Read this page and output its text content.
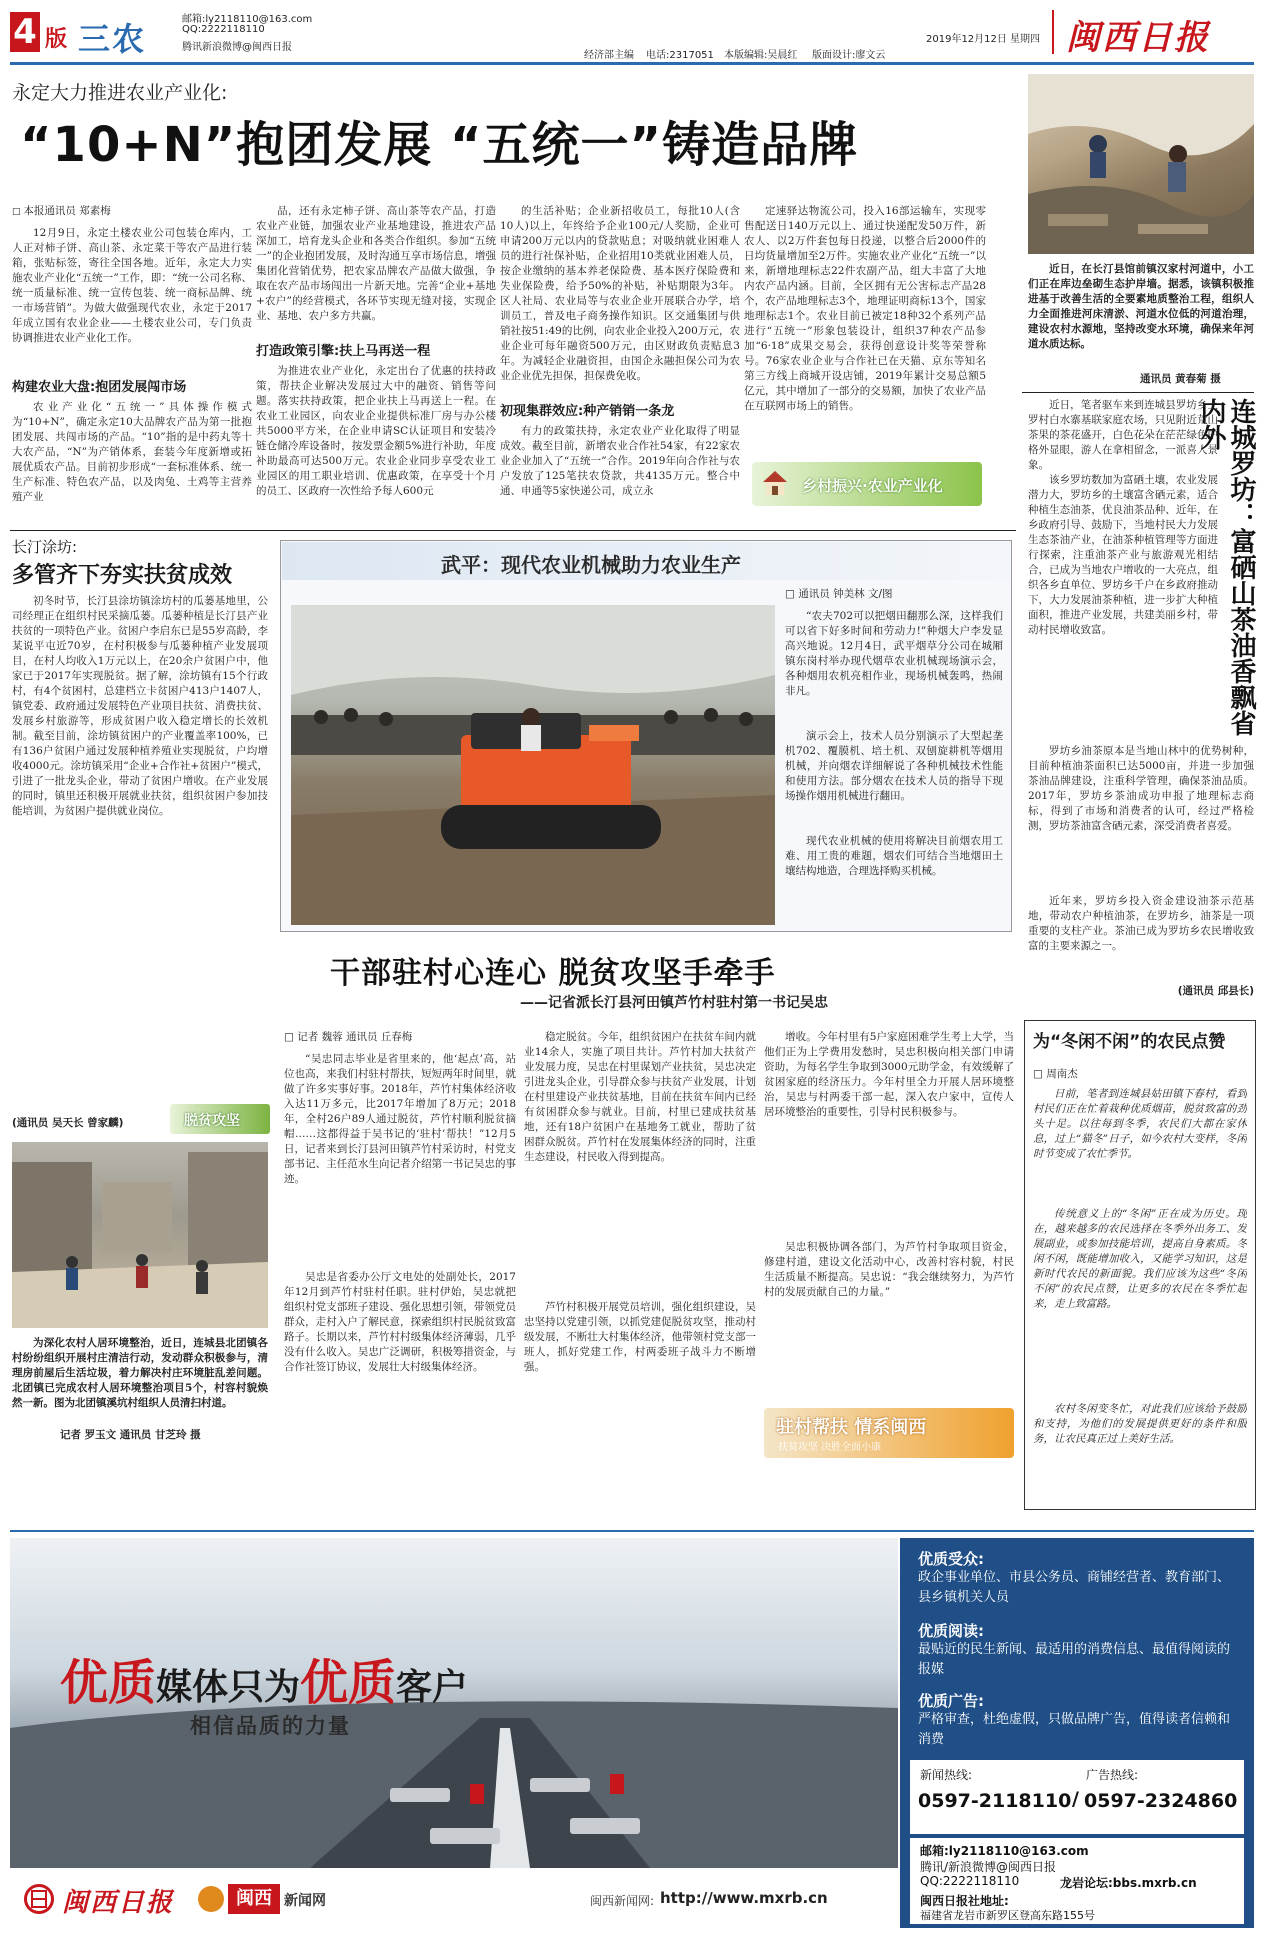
4 版 三农
邮箱:ly2118110@163.com
QQ:2222118110
腾讯新浪微博@闽西日报
经济部主编 电话:2317051 本版编辑:吴晨红 版面设计:廖文云
2019年12月12日 星期四 闽西日报
永定大力推进农业产业化:
“10+N”抱团发展 “五统一”铸造品牌
□ 本报通讯员 郑素梅
12月9日，永定土楼农业公司包装仓库内，工人正对柿子饼、高山茶、永定菜干等农产品进行装箱，张贴标签，寄往全国各地。近年，永定大力实施农业产业化“五统一”工作，即：“统一公司名称、统一质量标准、统一宣传包装、统一商标品牌、统一市场营销”。为做大做强现代农业，永定于2017年成立国有农业企业——土楼农业公司，专门负责协调推进农业产业化工作。
构建农业大盘:抱团发展闯市场
农业产业化“五统一”具体操作模式为“10+N”，确定永定10大品牌农产品为第一批抱团发展、共闯市场的产品。“10”指的是中药丸等十大农产品，“N”为产销体系，套装今年度新增或拓展优质农产品。目前初步形成“一套标准体系、统一生产标准、特色农产品，以及肉兔、土鸡等主营养殖产业
品，还有永定柿子饼、高山茶等农产品，打造农业产业链，加强农业产业基地建设，推进农产品深加工，培育龙头企业和各类合作组织。参加“五统一”的企业抱团发展，及时沟通互享市场信息，增强集团化营销优势，把农家品牌农产品做大做强，争取在农产品市场闯出一片新天地。完善“企业+基地+农户”的经营模式，各环节实现无缝对接，实现企业、基地、农户多方共赢。
打造政策引擎:扶上马再送一程
为推进农业产业化，永定出台了优惠的扶持政策，帮扶企业解决发展过大中的融资、销售等问题。落实扶持政策，把企业扶上马再送上一程。在农业工业园区，向农业企业提供标准厂房与办公楼共5000平方米，在企业申请SC认证项目和安装冷链仓储冷库设备时，按发票金额5%进行补助，年度补助最高可达500万元。农业企业同步享受农业工业园区的用工职业培训、优惠政策，在享受十个月的员工、区政府一次性给予每人600元
的生活补贴；企业新招收员工，每批10人(含10人)以上，年终给予企业100元/人奖励，企业可申请200万元以内的贷款贴息；对吸纳就业困难人员的进行社保补贴，企业招用10类就业困难人员，按企业缴纳的基本养老保险费、基本医疗保险费和失业保险费，给予50%的补贴，补贴期限为3年。区人社局、农业局等与农业企业开展联合办学，培训员工，普及电子商务操作知识。区交通集团与供销社按51:49的比例，向农业企业投入200万元，农业企业可每年融资500万元，由区财政负责贴息3年。为减轻企业融资担，由国企永融担保公司为农业企业优先担保，担保费免收。
初现集群效应:种产销销一条龙
有力的政策扶持，永定农业产业化取得了明显成效。截至目前，新增农业合作社54家，有22家农业企业加入了“五统一”合作。2019年向合作社与农户发放了125笔扶农贷款，共4135万元。整合中通、申通等5家快递公司，成立永
定速驿达物流公司，投入16部运输车，实现零售配送日140万元以上、通过快递配发50万件，新农人、以2万件套包每日投递，以整合后2000件的日均货量增加至2万件。实施农业产业化“五统一”以来，新增地理标志22件农副产品，组大丰富了大地内农产品内涵。目前，全区拥有无公害标志产品28个，农产品地理标志3个，地理证明商标13个，国家地理标志1个。农业目前已被定18种32个系列产品进行“五统一”形象包装设计，组织37种农产品参加“6·18”成果交易会，获得创意设计奖等荣誉称号。76家农业企业与合作社已在天猫、京东等知名第三方线上商城开设店铺，2019年累计交易总额5亿元，其中增加了一部分的交易额，加快了农业产品在互联网市场上的销售。
乡村振兴·农业产业化
近日，在长汀县馆前镇汉家村河道中，小工们正在库边垒砌生态护岸墙。据悉，该镇积极推进基于改善生活的全要素地质整治工程，组织人力全面推进河床清淤、河道水位低的河道治理，建设农村水源地，坚持改变水环境，确保来年河道水质达标。
通讯员 黄春菊 摄
连城罗坊：富硒山茶油香飘省内外
近日，笔者驱车来到连城县罗坊乡上罗村白水寨基联家庭农场，只见附近荒山茶果的茶花盛开，白色花朵在茫茫绿色中格外显眼，游人在拿相留念，一派喜人景象。
该乡罗坊数加为富硒土壤，农业发展潜力大，罗坊乡的土壤富含硒元素，适合种植生态油茶，优良油茶品种、近年，在乡政府引导、鼓励下，当地村民大力发展生态茶油产业，在油茶种植管理等方面进行探索，注重油茶产业与旅游观光相结合，已成为当地农户增收的一大亮点，组织各乡直单位、罗坊乡千户在乡政府推动下，大力发展油茶种植，进一步扩大种植面积，推进产业发展，共建美丽乡村，带动村民增收致富。
罗坊乡油茶原本是当地山林中的优势树种，目前种植油茶面积已达5000亩，并进一步加强茶油品牌建设，注重科学管理，确保茶油品质。2017年，罗坊乡茶油成功申报了地理标志商标，得到了市场和消费者的认可，经过严格检测，罗坊茶油富含硒元素，深受消费者喜爱。
近年来，罗坊乡投入资金建设油茶示范基地，带动农户种植油茶，在罗坊乡，油茶是一项重要的支柱产业。茶油已成为罗坊乡农民增收致富的主要来源之一。
(通讯员 邱县长)
为“冬闲不闲”的农民点赞
□ 周南杰
日前，笔者到连城县姑田镇下春村，看到村民们正在忙着栽种优质烟苗，脱贫致富的劲头十足。以往每到冬季，农民们大都在家休息，过上“猫冬”日子，如今农村大变样，冬闲时节变成了农忙季节。
传统意义上的“冬闲”正在成为历史。现在，越来越多的农民选择在冬季外出务工、发展副业，或参加技能培训，提高自身素质。冬闲不闲，既能增加收入，又能学习知识，这是新时代农民的新面貌。我们应该为这些“冬闲不闲”的农民点赞，让更多的农民在冬季忙起来，走上致富路。
农村冬闲变冬忙，对此我们应该给予鼓励和支持，为他们的发展提供更好的条件和服务，让农民真正过上美好生活。
长汀涂坊:
多管齐下夯实扶贫成效
初冬时节，长汀县涂坊镇涂坊村的瓜蒌基地里，公司经理正在组织村民采摘瓜蒌。瓜蒌种植是长汀县产业扶贫的一项特色产业。贫困户李启东已是55岁高龄，李某说平屯近70岁，在村积极参与瓜蒌种植产业发展项目，在村人均收入1万元以上，在20余户贫困户中，他家已于2017年实现脱贫。据了解，涂坊镇有15个行政村，有4个贫困村，总建档立卡贫困户413户1407人，镇党委、政府通过发展特色产业项目扶贫、消费扶贫、发展乡村旅游等，形成贫困户收入稳定增长的长效机制。截至目前，涂坊镇贫困户的产业覆盖率100%，已有136户贫困户通过发展种植养殖业实现脱贫，户均增收4000元。涂坊镇采用“企业+合作社+贫困户”模式，引进了一批龙头企业，带动了贫困户增收。在产业发展的同时，镇里还积极开展就业扶贫，组织贫困户参加技能培训，为贫困户提供就业岗位。
(通讯员 吴天长 曾家麟)	脱贫攻坚
为深化农村人居环境整治，近日，连城县北团镇各村纷纷组织开展村庄清洁行动，发动群众积极参与，清理房前屋后生活垃圾，着力解决村庄环境脏乱差问题。北团镇已完成农村人居环境整治项目5个，村容村貌焕然一新。图为北团镇溪坑村组织人员清扫村道。
记者 罗玉文 通讯员 甘芝玲 摄
武平：现代农业机械助力农业生产
□ 通讯员 钟美林 文/图
“农夫702可以把烟田翻那么深，这样我们可以省下好多时间和劳动力!”种烟大户李发显高兴地说。12月4日，武平烟草分公司在城厢镇东岗村举办现代烟草农业机械现场演示会，各种烟用农机亮相作业，现场机械轰鸣，热闹非凡。
演示会上，技术人员分别演示了大型起垄机702、覆膜机、培土机、双刨旋耕机等烟用机械，并向烟农详细解说了各种机械技术性能和使用方法。部分烟农在技术人员的指导下现场操作烟用机械进行翻田。
现代农业机械的使用将解决目前烟农用工难、用工贵的难题，烟农们可结合当地烟田土壤结构地造，合理选择购买机械。
干部驻村心连心 脱贫攻坚手牵手
——记省派长汀县河田镇芦竹村驻村第一书记吴忠
□ 记者 魏蓉 通讯员 丘春梅
“吴忠同志毕业是省里来的，他‘起点’高，站位也高，来我们村驻村帮扶，短短两年时间里，就做了许多实事好事。2018年，芦竹村集体经济收入达11万多元，比2017年增加了8万元；2018年，全村26户89人通过脱贫，芦竹村顺利脱贫摘帽……这都得益于吴书记的‘驻村’帮扶！”12月5日，记者来到长汀县河田镇芦竹村采访时，村党支部书记、主任范水生向记者介绍第一书记吴忠的事迹。
吴忠是省委办公厅文电处的处副处长，2017年12月到芦竹村驻村任职。驻村伊始，吴忠就把组织村党支部班子建设、强化思想引领，带领党员群众，走村入户了解民意，探索组织村民脱贫致富路子。长期以来，芦竹村村级集体经济薄弱，几乎没有什么收入。吴忠广泛调研，积极筹措资金，与合作社签订协议，发展壮大村级集体经济。
稳定脱贫。今年，组织贫困户在扶贫车间内就业14余人，实施了项目共计。芦竹村加大扶贫产业发展力度，吴忠在村里谋划产业扶贫，吴忠决定引进龙头企业，引导群众参与扶贫产业发展，计划在村里建设产业扶贫基地，目前在扶贫车间内已经有贫困群众参与就业。目前，村里已建成扶贫基地，还有18户贫困户在基地务工就业，帮助了贫困群众脱贫。芦竹村在发展集体经济的同时，注重生态建设，村民收入得到提高。
芦竹村积极开展党员培训，强化组织建设，吴忠坚持以党建引领，以抓党建促脱贫攻坚，推动村级发展，不断壮大村集体经济，他带领村党支部一班人，抓好党建工作，村两委班子战斗力不断增强。
增收。今年村里有5户家庭困难学生考上大学，当他们正为上学费用发愁时，吴忠积极向相关部门申请资助，为每名学生争取到3000元助学金，有效缓解了贫困家庭的经济压力。今年村里全力开展人居环境整治，吴忠与村两委干部一起，深入农户家中，宣传人居环境整治的重要性，引导村民积极参与。
吴忠积极协调各部门，为芦竹村争取项目资金，修建村道，建设文化活动中心，改善村容村貌，村民生活质量不断提高。吴忠说：“我会继续努力，为芦竹村的发展贡献自己的力量。”
驻村帮扶 情系闽西
扶贫攻坚 决胜全面小康
优质媒体只为优质客户
相信品质的力量
优质受众:
政企事业单位、市县公务员、商铺经营者、教育部门、县乡镇机关人员
优质阅读:
最贴近的民生新闻、最适用的消费信息、最值得阅读的报媒
优质广告:
严格审查，杜绝虚假，只做品牌广告，值得读者信赖和消费
新闻热线:	广告热线:
0597-2118110 / 0597-2324860
邮箱:ly2118110@163.com
腾讯/新浪微博@闽西日报
QQ:2222118110	龙岩论坛:bbs.mxrb.cn
闽西日报社地址:
福建省龙岩市新罗区登高东路155号
闽西日报	闽西 新闻网	闽西新闻网: http://www.mxrb.cn
